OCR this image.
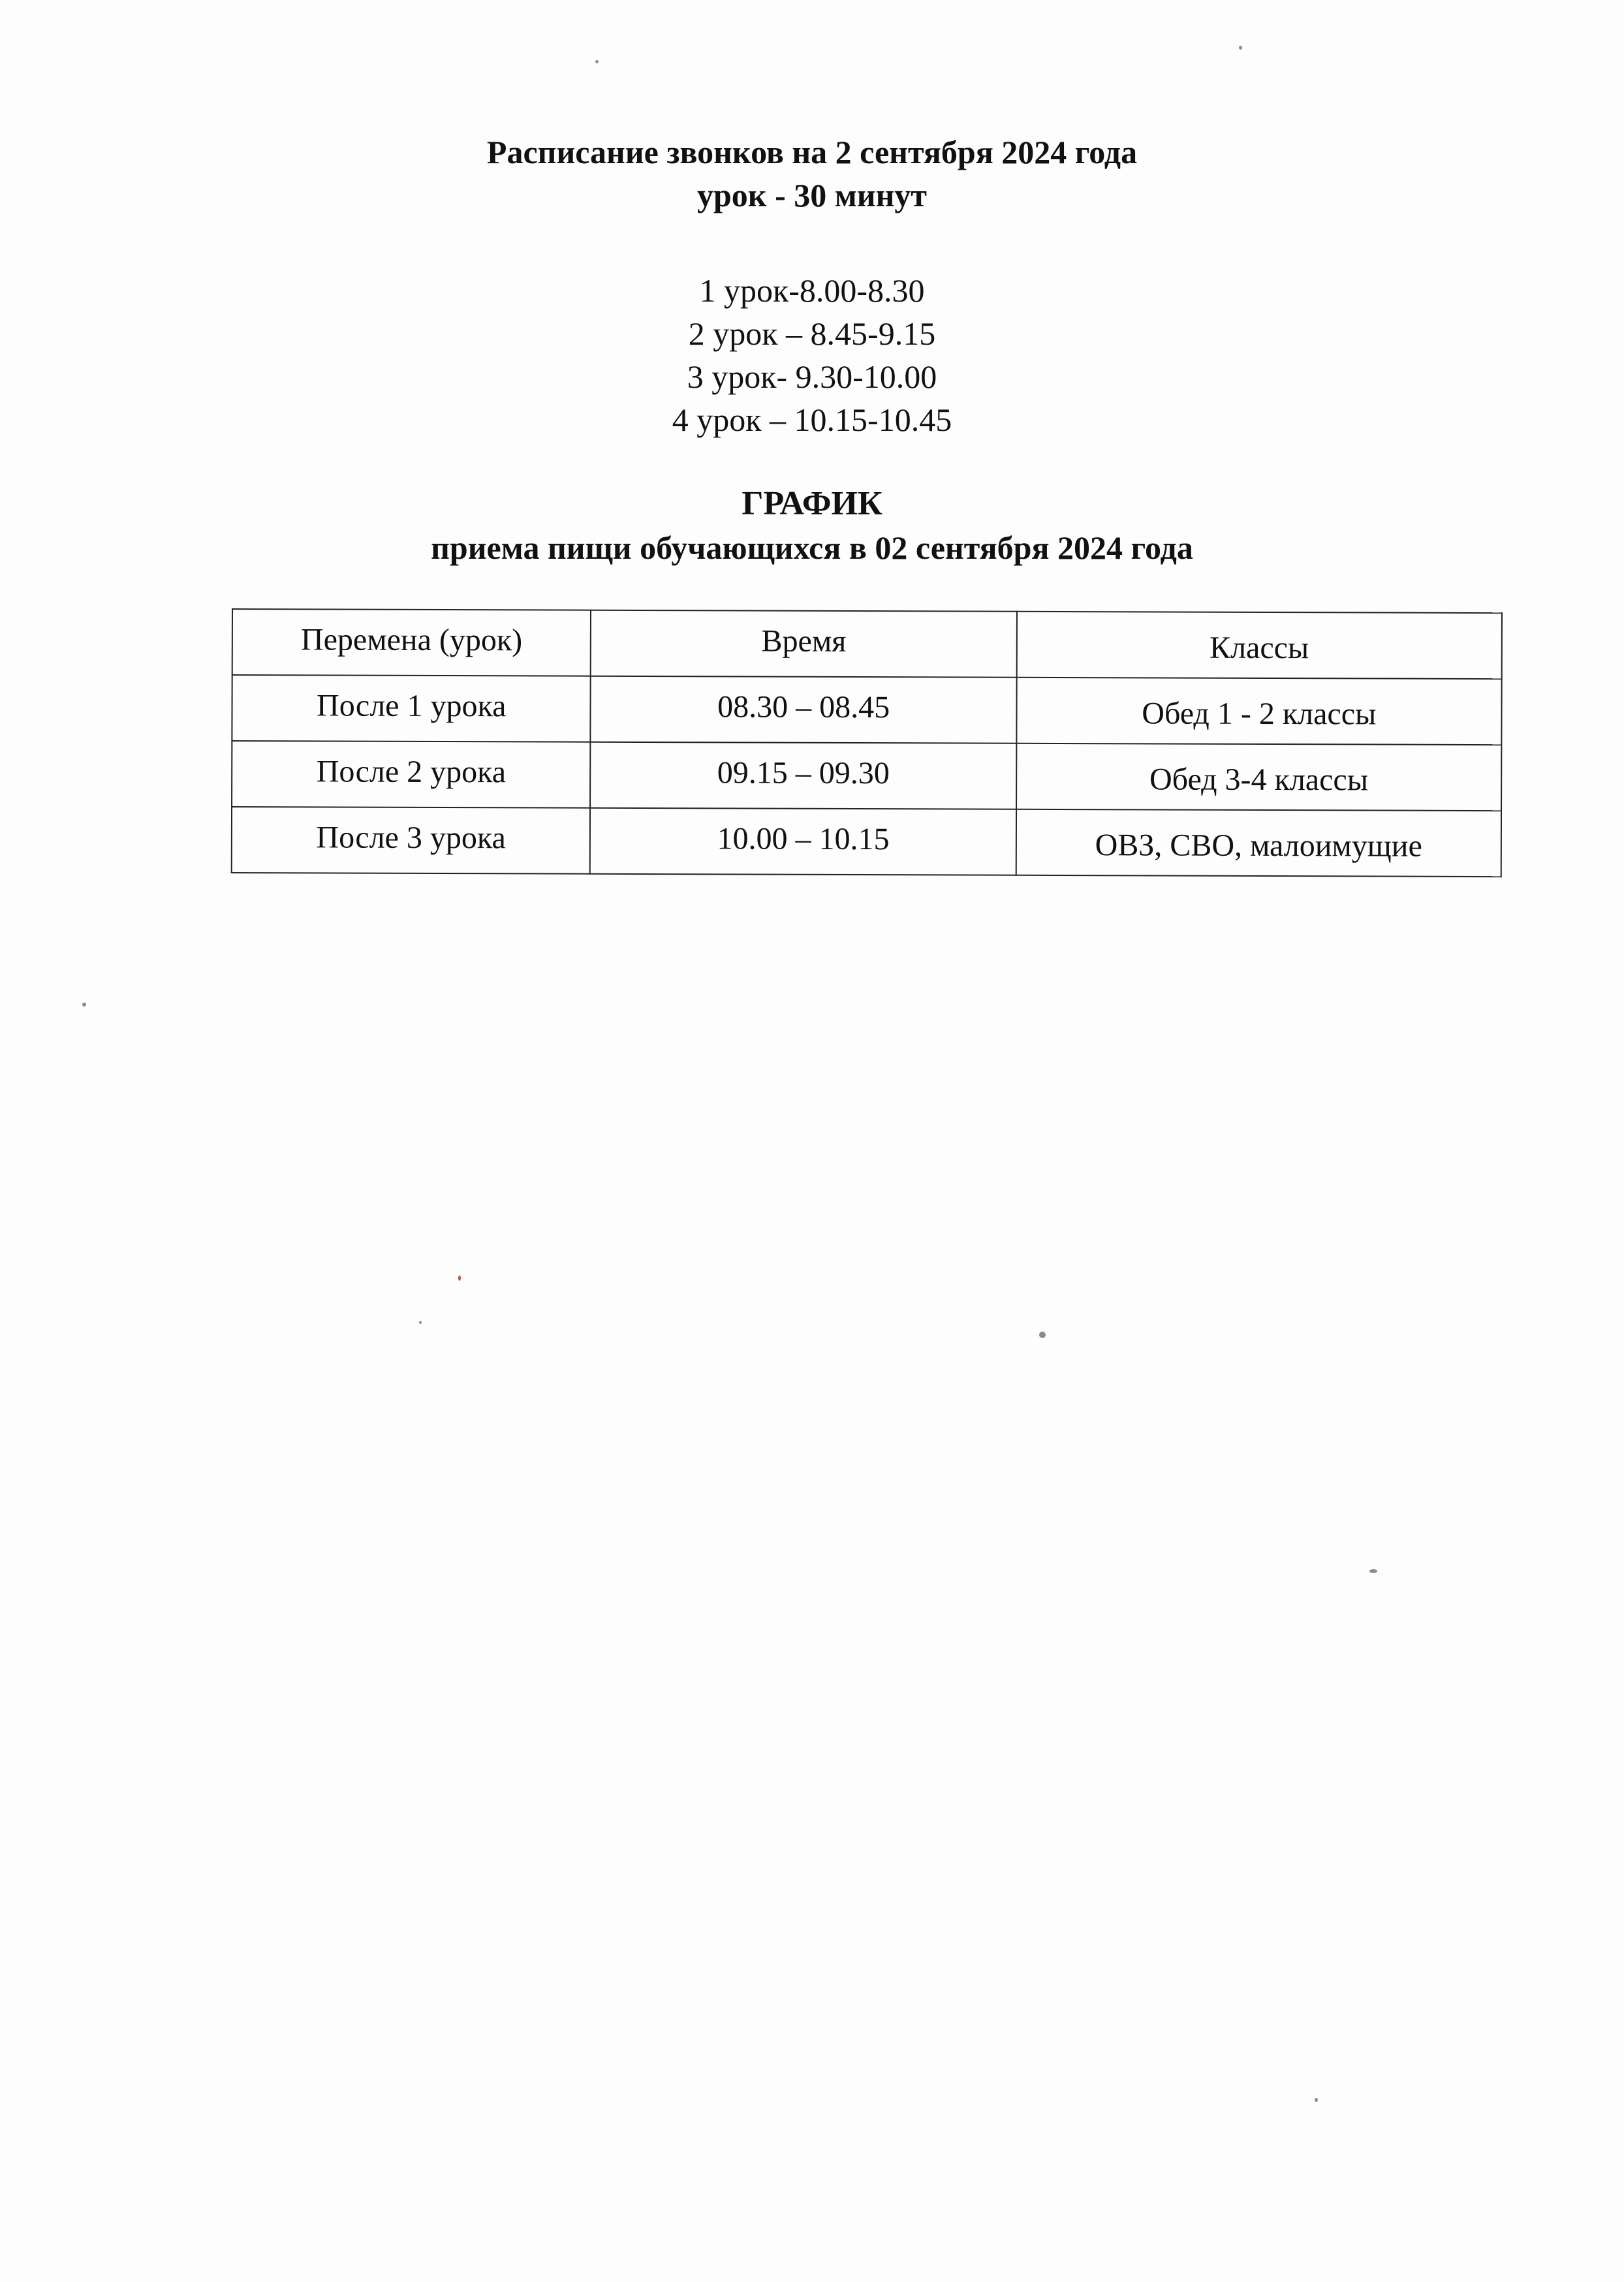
Расписание звонков на 2 сентября 2024 года

урок - 30 минут

1 урок-8.00-8.30

2 урок – 8.45-9.15

3 урок- 9.30-10.00

4 урок – 10.15-10.45

ГРАФИК

приема пищи обучающихся в 02 сентября 2024 года

Перемена (урок)	Время	Классы
После 1 урока	08.30 – 08.45	Обед 1 - 2 классы
После 2 урока	09.15 – 09.30	Обед 3-4 классы
После 3 урока	10.00 – 10.15	ОВЗ, СВО, малоимущие
